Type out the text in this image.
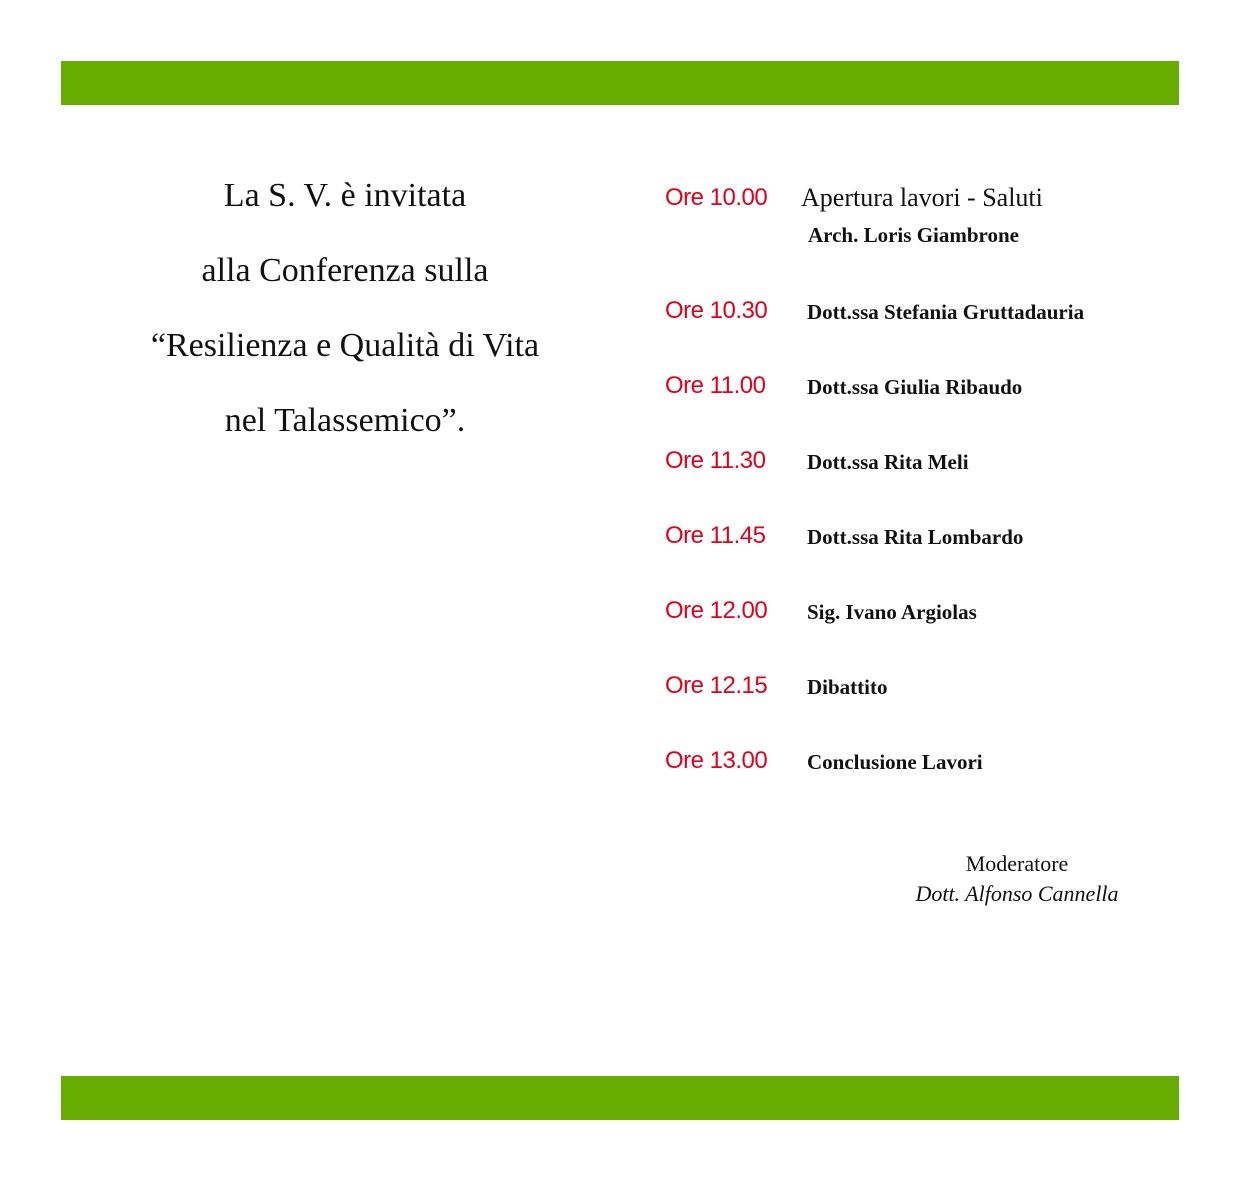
La S. V. è invitata
alla Conferenza sulla
“Resilienza e Qualità di Vita
nel Talassemico”.
Ore 10.00 Apertura lavori - Saluti
Arch. Loris Giambrone
Ore 10.30 Dott.ssa Stefania Gruttadauria
Ore 11.00 Dott.ssa Giulia Ribaudo
Ore 11.30 Dott.ssa Rita Meli
Ore 11.45 Dott.ssa Rita Lombardo
Ore 12.00 Sig. Ivano Argiolas
Ore 12.15 Dibattito
Ore 13.00 Conclusione Lavori
Moderatore
Dott. Alfonso Cannella
